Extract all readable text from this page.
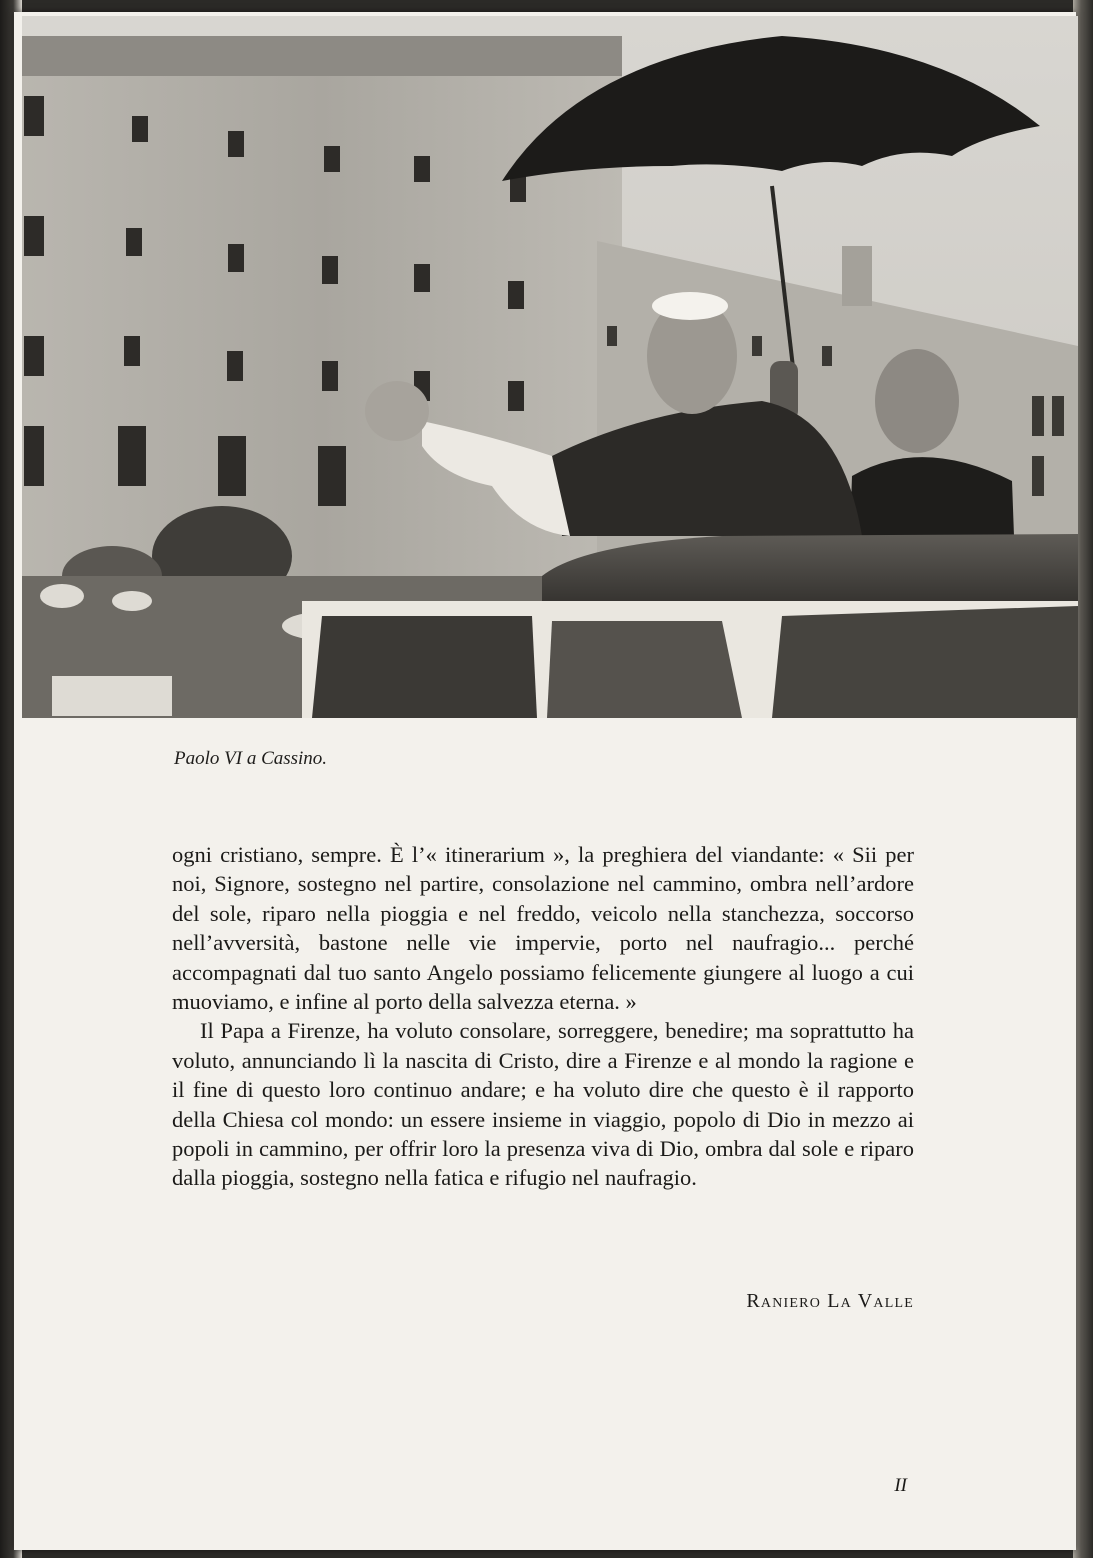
Paolo VI a Cassino.

ogni cristiano, sempre. È l’« itinerarium », la preghiera del viandante: « Sii per noi, Signore, sostegno nel partire, consolazione nel cammino, ombra nell’ardore del sole, riparo nella pioggia e nel freddo, veicolo nella stanchezza, soccorso nell’avversità, bastone nelle vie impervie, porto nel naufragio... perché accompagnati dal tuo santo Angelo possiamo felicemente giungere al luogo a cui muoviamo, e infine al porto della salvezza eterna. »

Il Papa a Firenze, ha voluto consolare, sorreggere, benedire; ma soprattutto ha voluto, annunciando lì la nascita di Cristo, dire a Firenze e al mondo la ragione e il fine di questo loro continuo andare; e ha voluto dire che questo è il rapporto della Chiesa col mondo: un essere insieme in viaggio, popolo di Dio in mezzo ai popoli in cammino, per offrir loro la presenza viva di Dio, ombra dal sole e riparo dalla pioggia, sostegno nella fatica e rifugio nel naufragio.

Raniero La Valle
II
